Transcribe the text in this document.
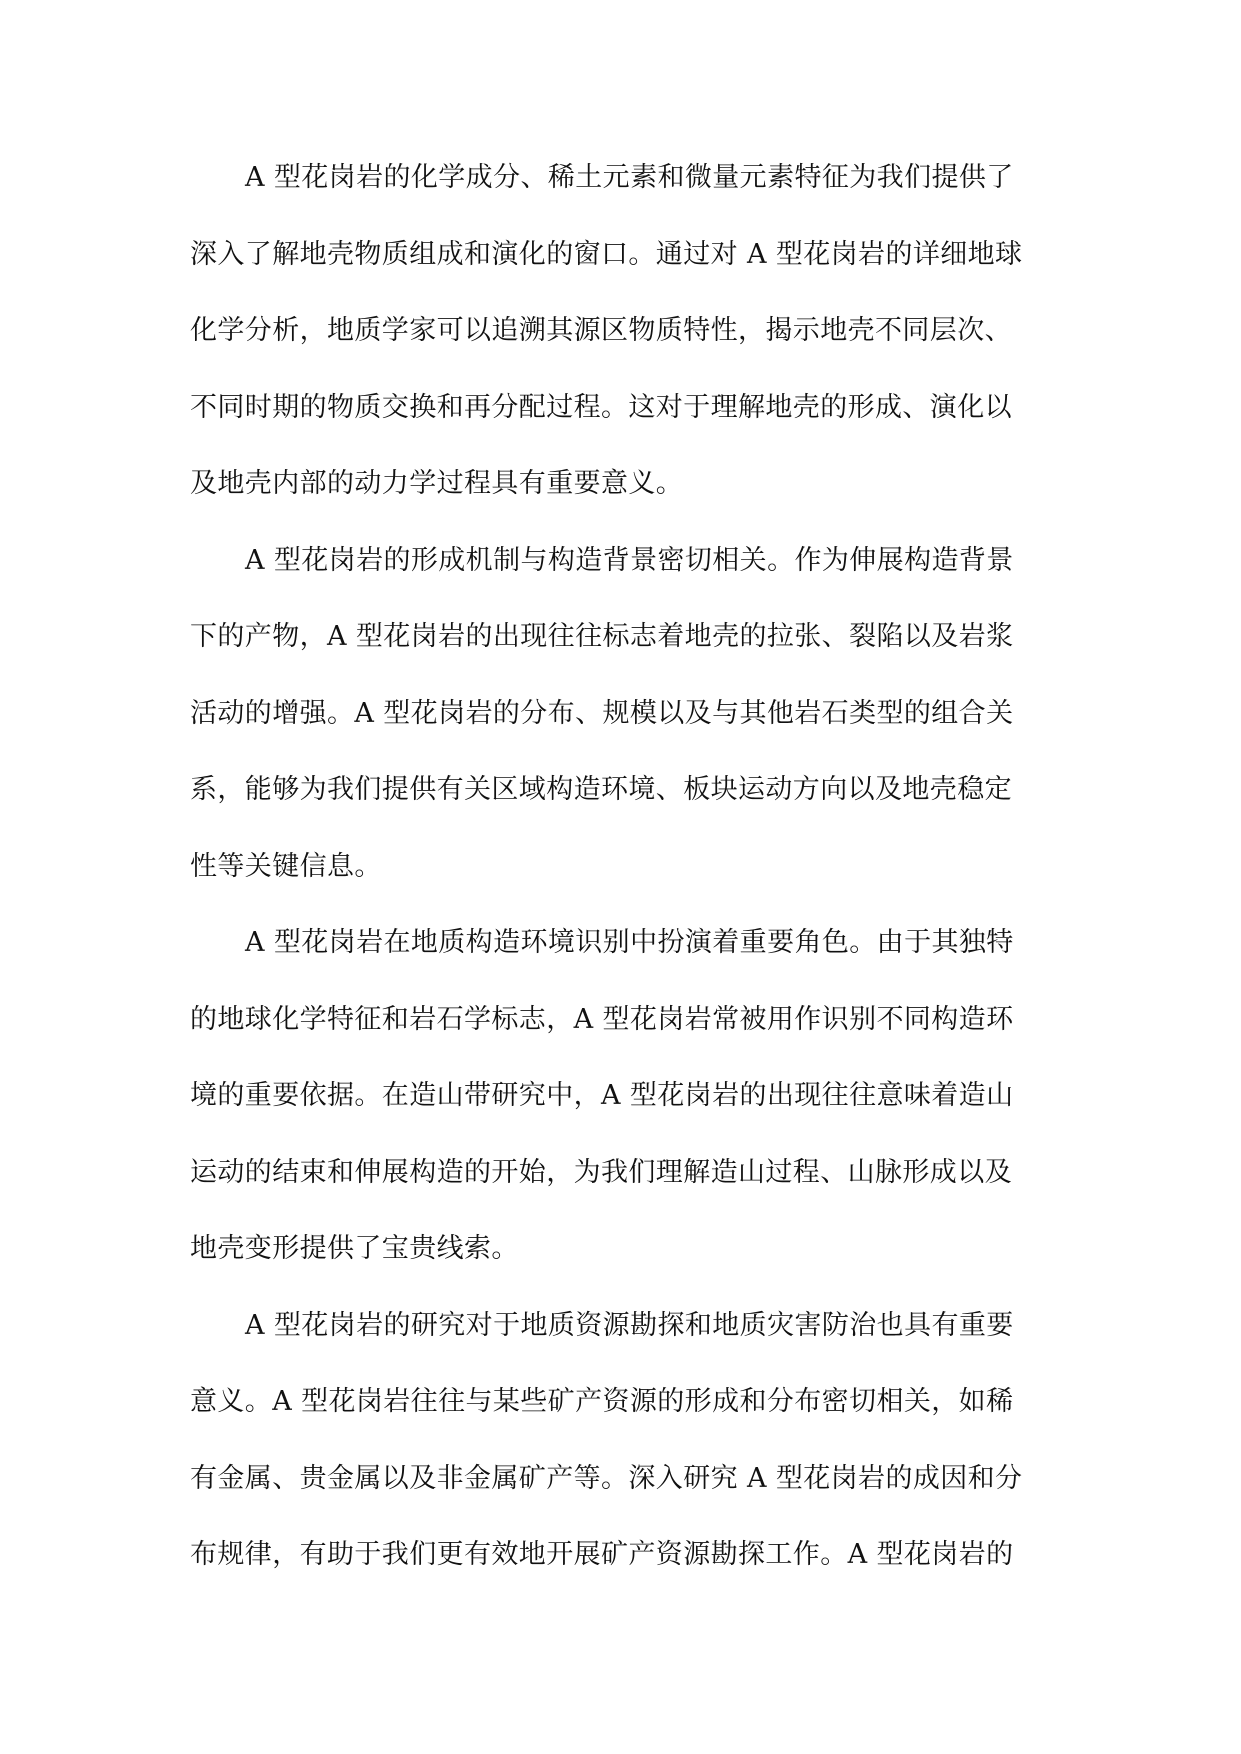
A 型花岗岩的化学成分、稀土元素和微量元素特征为我们提供了
深入了解地壳物质组成和演化的窗口。通过对 A 型花岗岩的详细地球
化学分析，地质学家可以追溯其源区物质特性，揭示地壳不同层次、
不同时期的物质交换和再分配过程。这对于理解地壳的形成、演化以
及地壳内部的动力学过程具有重要意义。
A 型花岗岩的形成机制与构造背景密切相关。作为伸展构造背景
下的产物，A 型花岗岩的出现往往标志着地壳的拉张、裂陷以及岩浆
活动的增强。A 型花岗岩的分布、规模以及与其他岩石类型的组合关
系，能够为我们提供有关区域构造环境、板块运动方向以及地壳稳定
性等关键信息。
A 型花岗岩在地质构造环境识别中扮演着重要角色。由于其独特
的地球化学特征和岩石学标志，A 型花岗岩常被用作识别不同构造环
境的重要依据。在造山带研究中，A 型花岗岩的出现往往意味着造山
运动的结束和伸展构造的开始，为我们理解造山过程、山脉形成以及
地壳变形提供了宝贵线索。
A 型花岗岩的研究对于地质资源勘探和地质灾害防治也具有重要
意义。A 型花岗岩往往与某些矿产资源的形成和分布密切相关，如稀
有金属、贵金属以及非金属矿产等。深入研究 A 型花岗岩的成因和分
布规律，有助于我们更有效地开展矿产资源勘探工作。A 型花岗岩的
